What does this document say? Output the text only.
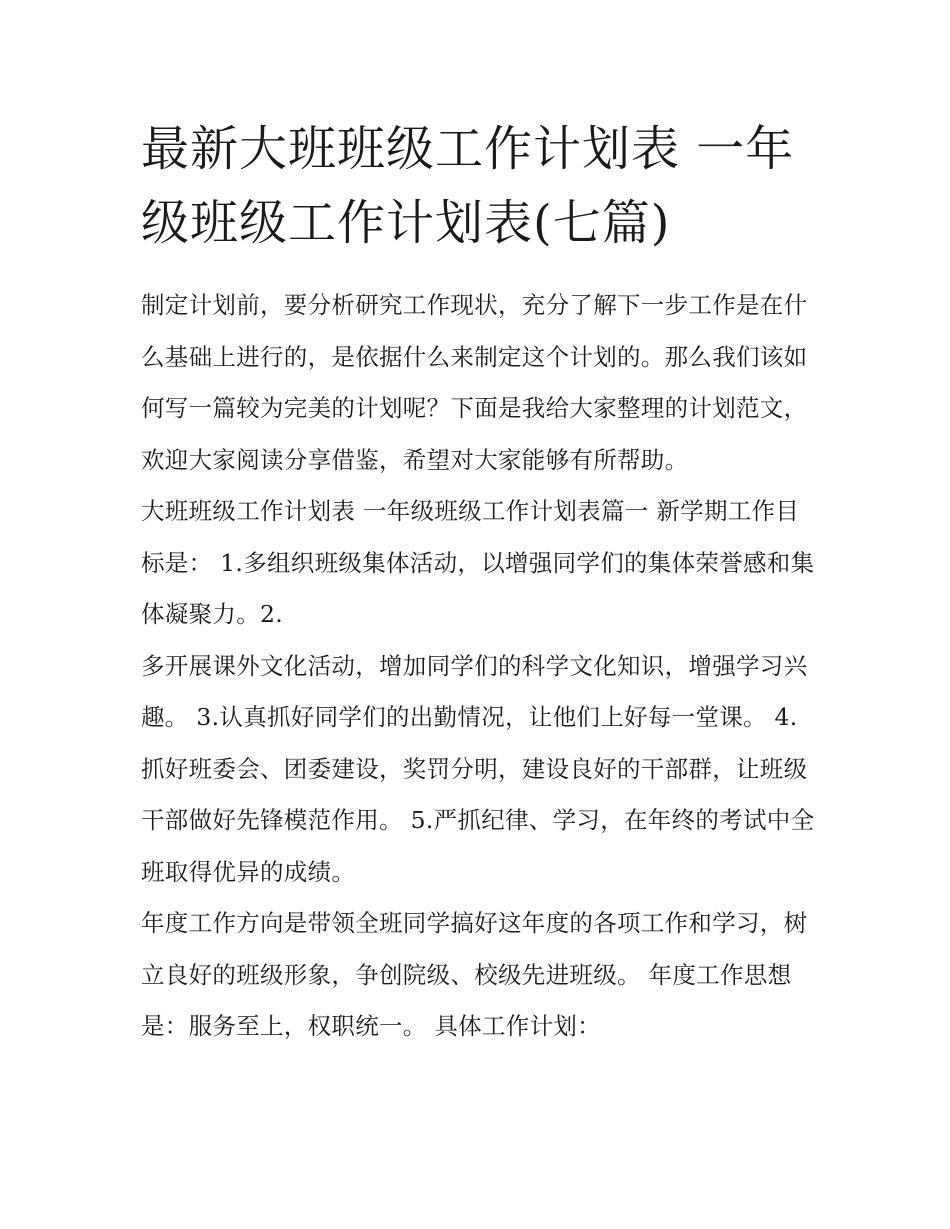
最新大班班级工作计划表 一年
级班级工作计划表(七篇)

制定计划前，要分析研究工作现状，充分了解下一步工作是在什么基础上进行的，是依据什么来制定这个计划的。那么我们该如何写一篇较为完美的计划呢？下面是我给大家整理的计划范文，欢迎大家阅读分享借鉴，希望对大家能够有所帮助。

大班班级工作计划表 一年级班级工作计划表篇一 新学期工作目标是： 1.多组织班级集体活动，以增强同学们的集体荣誉感和集体凝聚力。2.

多开展课外文化活动，增加同学们的科学文化知识，增强学习兴趣。 3.认真抓好同学们的出勤情况，让他们上好每一堂课。 4.

抓好班委会、团委建设，奖罚分明，建设良好的干部群，让班级干部做好先锋模范作用。 5.严抓纪律、学习，在年终的考试中全班取得优异的成绩。

年度工作方向是带领全班同学搞好这年度的各项工作和学习，树立良好的班级形象，争创院级、校级先进班级。 年度工作思想是：服务至上，权职统一。 具体工作计划：
